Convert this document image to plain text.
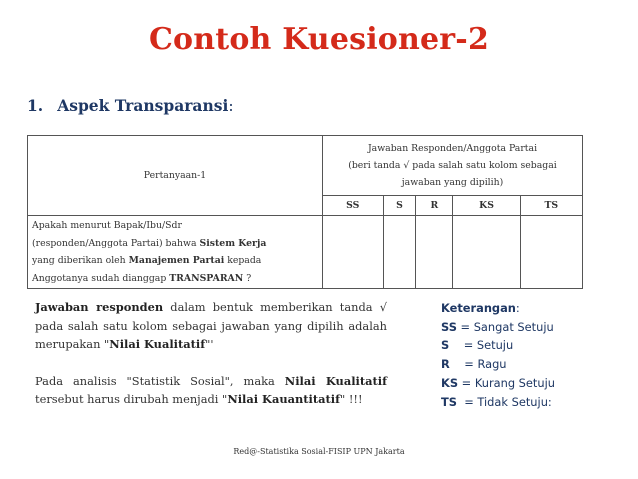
Contoh Kuesioner-2
1. Aspek Transparansi:
Pertanyaan-1	Jawaban Responden/Anggota Partai
(beri tanda √ pada salah satu kolom sebagai
jawaban yang dipilih)				
	SS	S	R	KS	TS
Apakah menurut Bapak/Ibu/Sdr
(responden/Anggota Partai) bahwa Sistem Kerja
yang diberikan oleh Manajemen Partai kepada
Anggotanya sudah dianggap TRANSPARAN ?					

Jawaban responden dalam bentuk memberikan tanda √ pada salah satu kolom sebagai jawaban yang dipilih adalah merupakan "Nilai Kualitatif"'

Pada analisis "Statistik Sosial", maka Nilai Kualitatif tersebut harus dirubah menjadi "Nilai Kauantitatif" !!!

Keterangan:
SS = Sangat Setuju
S    = Setuju
R    = Ragu
KS = Kurang Setuju
TS  = Tidak Setuju:
Red@-Statistika Sosial-FISIP UPN Jakarta
